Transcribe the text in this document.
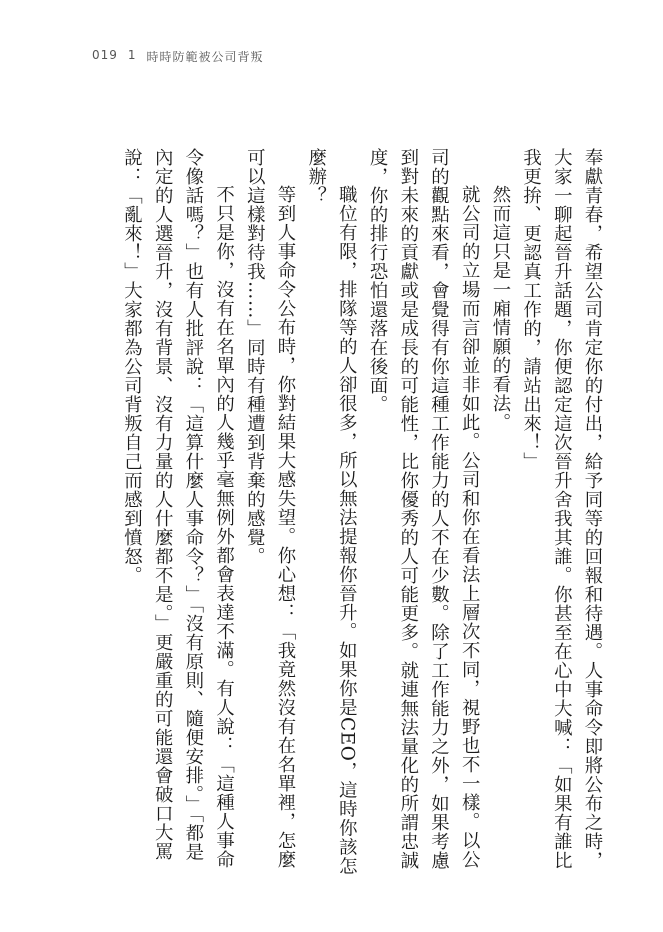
019 1 時時防範被公司背叛

奉獻青春，希望公司肯定你的付出，給予同等的回報和待遇。人事命令即將公布之時，大家一聊起晉升話題，你便認定這次晉升舍我其誰。你甚至在心中大喊：「如果有誰比我更拚、更認真工作的，請站出來！」

然而這只是一廂情願的看法。

就公司的立場而言卻並非如此。公司和你在看法上層次不同，視野也不一樣。以公司的觀點來看，會覺得有你這種工作能力的人不在少數。除了工作能力之外，如果考慮到對未來的貢獻或是成長的可能性，比你優秀的人可能更多。就連無法量化的所謂忠誠度，你的排行恐怕還落在後面。

職位有限，排隊等的人卻很多，所以無法提報你晉升。如果你是CEO，這時你該怎麼辦？

等到人事命令公布時，你對結果大感失望。你心想：「我竟然沒有在名單裡，怎麼可以這樣對待我……」同時有種遭到背棄的感覺。

不只是你，沒有在名單內的人幾乎毫無例外都會表達不滿。有人說：「這種人事命令像話嗎？」也有人批評說：「這算什麼人事命令？」「沒有原則、隨便安排。」「都是內定的人選晉升，沒有背景、沒有力量的人什麼都不是。」更嚴重的可能還會破口大罵說：「亂來！」大家都為公司背叛自己而感到憤怒。
